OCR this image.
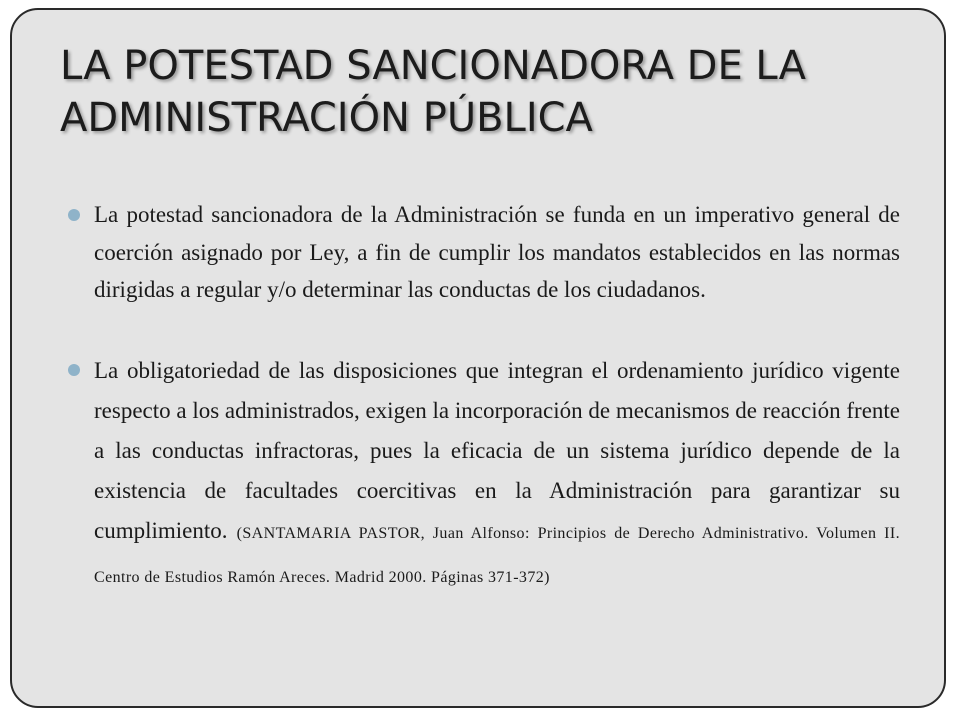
LA POTESTAD SANCIONADORA DE LA ADMINISTRACIÓN PÚBLICA
La potestad sancionadora de la Administración se funda en un imperativo general de coerción asignado por Ley, a fin de cumplir los mandatos establecidos en las normas dirigidas a regular y/o determinar las conductas de los ciudadanos.
La obligatoriedad de las disposiciones que integran el ordenamiento jurídico vigente respecto a los administrados, exigen la incorporación de mecanismos de reacción frente a las conductas infractoras, pues la eficacia de un sistema jurídico depende de la existencia de facultades coercitivas en la Administración para garantizar su cumplimiento. (SANTAMARIA PASTOR, Juan Alfonso: Principios de Derecho Administrativo. Volumen II. Centro de Estudios Ramón Areces. Madrid 2000. Páginas 371-372)
